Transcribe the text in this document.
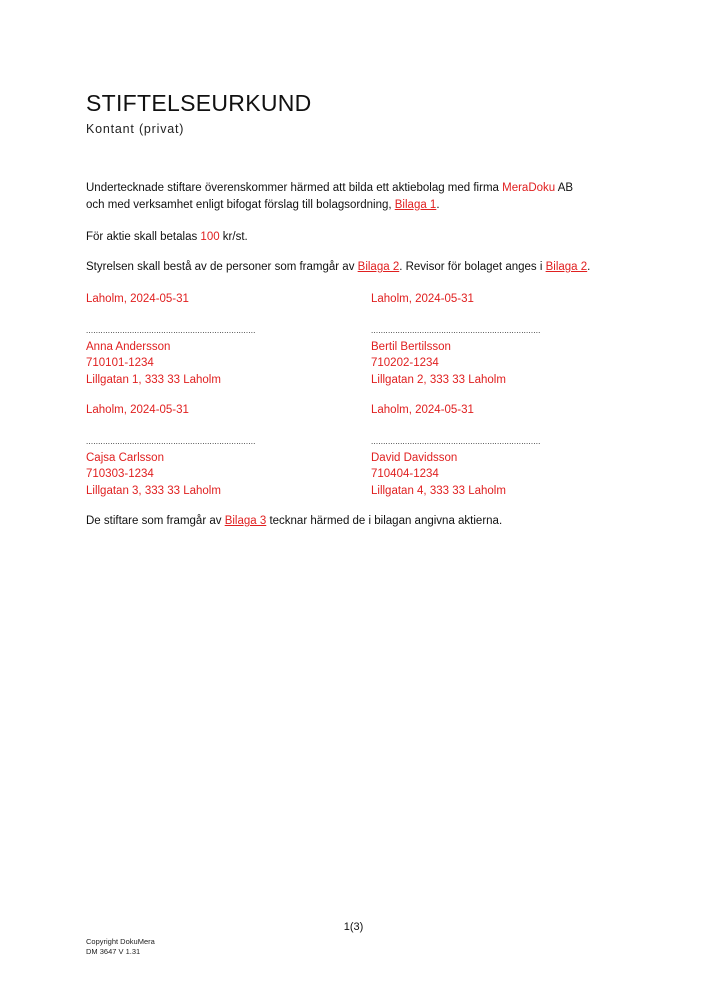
STIFTELSEURKUND
Kontant (privat)
Undertecknade stiftare överenskommer härmed att bilda ett aktiebolag med firma MeraDoku AB
och med verksamhet enligt bifogat förslag till bolagsordning, Bilaga 1.
För aktie skall betalas 100 kr/st.
Styrelsen skall bestå av de personer som framgår av Bilaga 2. Revisor för bolaget anges i Bilaga 2.
Laholm, 2024-05-31
......................................................................
Anna Andersson
710101-1234
Lillgatan 1, 333 33 Laholm
Laholm, 2024-05-31
......................................................................
Bertil Bertilsson
710202-1234
Lillgatan 2, 333 33 Laholm
Laholm, 2024-05-31
......................................................................
Cajsa Carlsson
710303-1234
Lillgatan 3, 333 33 Laholm
Laholm, 2024-05-31
......................................................................
David Davidsson
710404-1234
Lillgatan 4, 333 33 Laholm
De stiftare som framgår av Bilaga 3 tecknar härmed de i bilagan angivna aktierna.
1(3)
Copyright DokuMera
DM 3647 V 1.31
